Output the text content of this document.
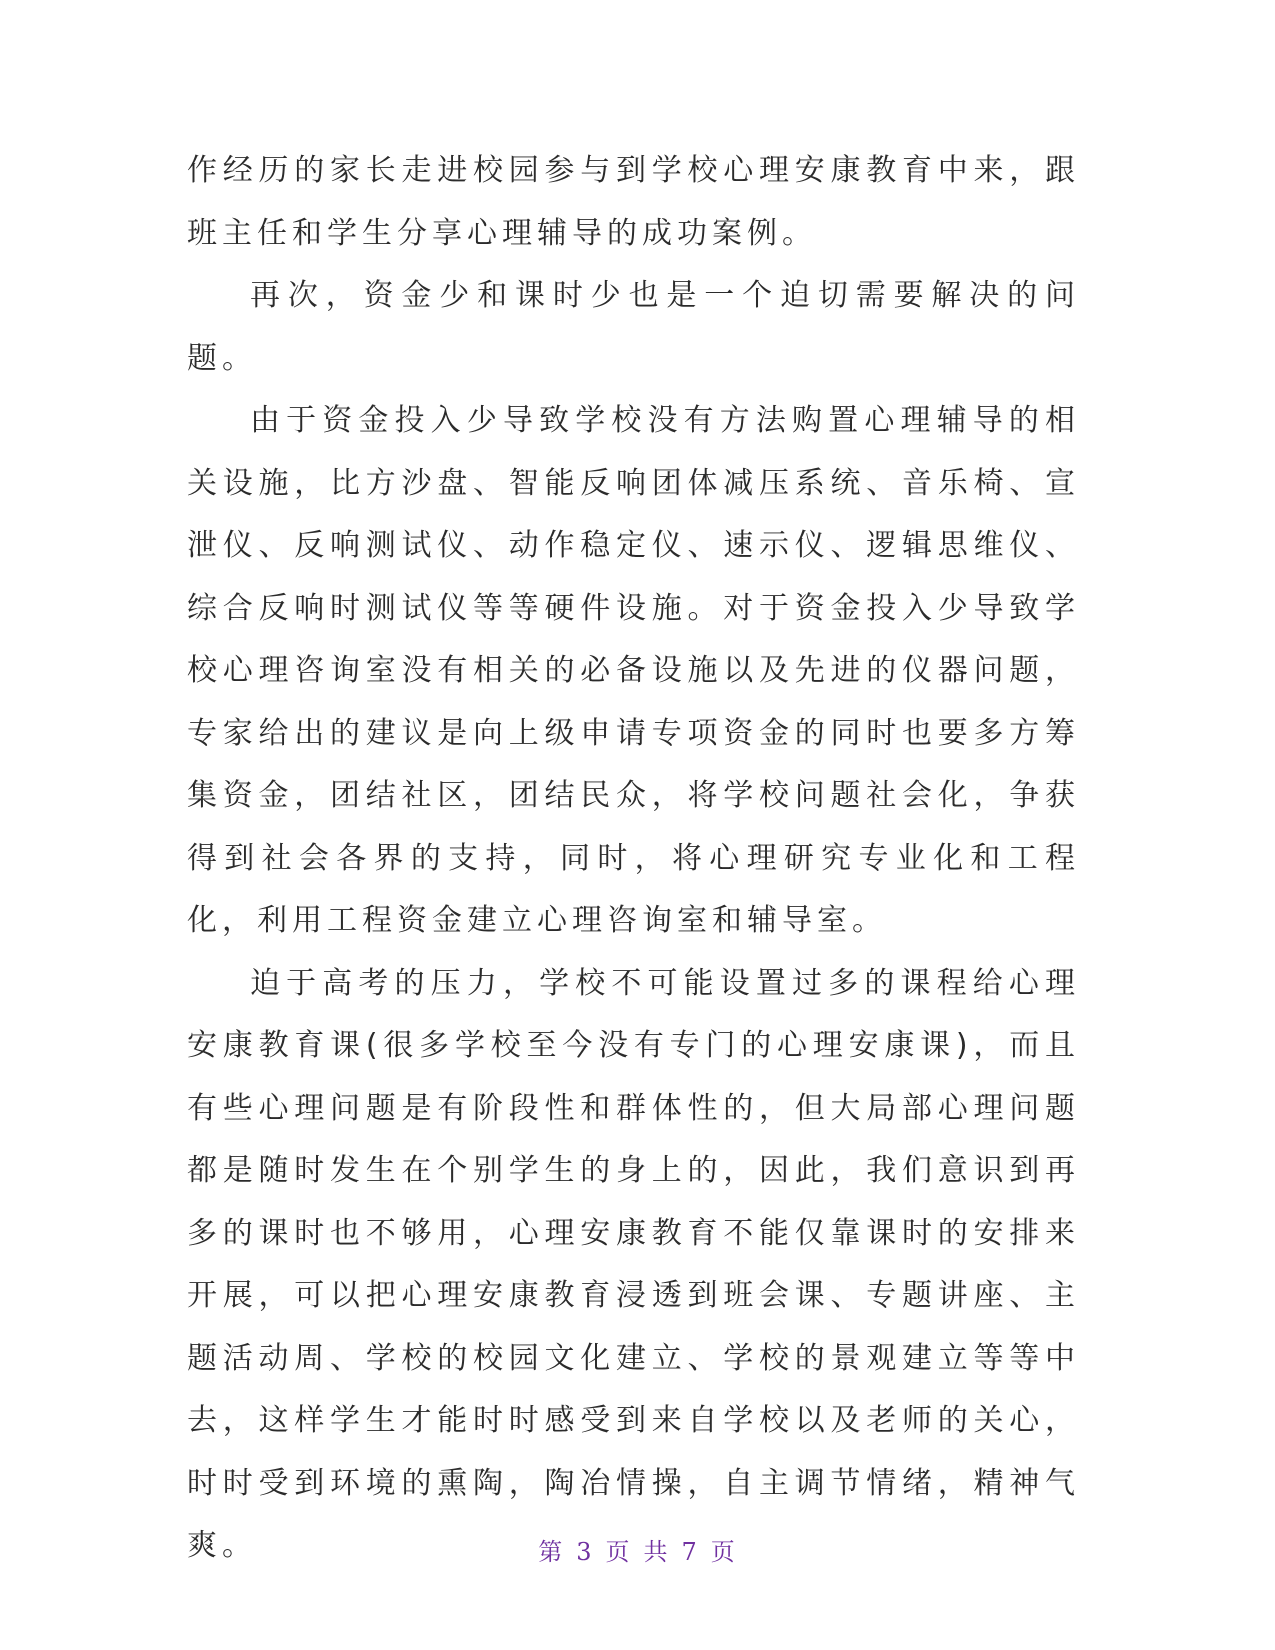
作经历的家长走进校园参与到学校心理安康教育中来，跟班主任和学生分享心理辅导的成功案例。

再次，资金少和课时少也是一个迫切需要解决的问题。

由于资金投入少导致学校没有方法购置心理辅导的相关设施，比方沙盘、智能反响团体减压系统、音乐椅、宣泄仪、反响测试仪、动作稳定仪、速示仪、逻辑思维仪、综合反响时测试仪等等硬件设施。对于资金投入少导致学校心理咨询室没有相关的必备设施以及先进的仪器问题，专家给出的建议是向上级申请专项资金的同时也要多方筹集资金，团结社区，团结民众，将学校问题社会化，争获得到社会各界的支持，同时，将心理研究专业化和工程化，利用工程资金建立心理咨询室和辅导室。

迫于高考的压力，学校不可能设置过多的课程给心理安康教育课(很多学校至今没有专门的心理安康课)，而且有些心理问题是有阶段性和群体性的，但大局部心理问题都是随时发生在个别学生的身上的，因此，我们意识到再多的课时也不够用，心理安康教育不能仅靠课时的安排来开展，可以把心理安康教育浸透到班会课、专题讲座、主题活动周、学校的校园文化建立、学校的景观建立等等中去，这样学生才能时时感受到来自学校以及老师的关心，时时受到环境的熏陶，陶冶情操，自主调节情绪，精神气爽。	第 3 页 共 7 页
